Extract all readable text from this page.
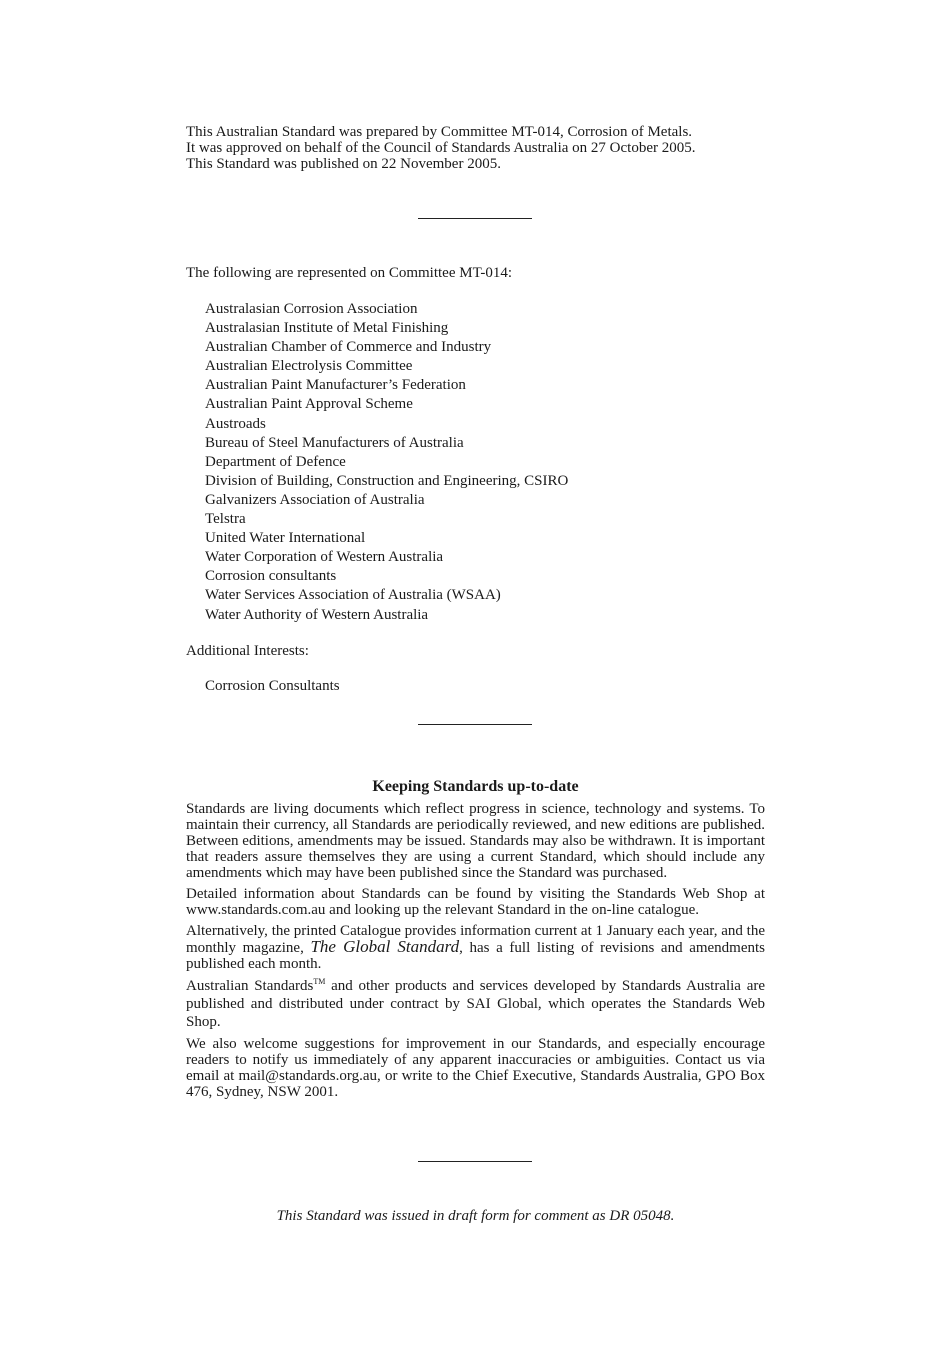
This Australian Standard was prepared by Committee MT-014, Corrosion of Metals.

It was approved on behalf of the Council of Standards Australia on 27 October 2005.

This Standard was published on 22 November 2005.

The following are represented on Committee MT-014:
Australasian Corrosion Association
Australasian Institute of Metal Finishing
Australian Chamber of Commerce and Industry
Australian Electrolysis Committee
Australian Paint Manufacturer’s Federation
Australian Paint Approval Scheme
Austroads
Bureau of Steel Manufacturers of Australia
Department of Defence
Division of Building, Construction and Engineering, CSIRO
Galvanizers Association of Australia
Telstra
United Water International
Water Corporation of Western Australia
Corrosion consultants
Water Services Association of Australia (WSAA)
Water Authority of Western Australia
Additional Interests:
Corrosion Consultants
Keeping Standards up-to-date

Standards are living documents which reflect progress in science, technology and systems. To maintain their currency, all Standards are periodically reviewed, and new editions are published. Between editions, amendments may be issued. Standards may also be withdrawn. It is important that readers assure themselves they are using a current Standard, which should include any amendments which may have been published since the Standard was purchased.

Detailed information about Standards can be found by visiting the Standards Web Shop at www.standards.com.au and looking up the relevant Standard in the on-line catalogue.

Alternatively, the printed Catalogue provides information current at 1 January each year, and the monthly magazine, The Global Standard, has a full listing of revisions and amendments published each month.

Australian Standards™ and other products and services developed by Standards Australia are published and distributed under contract by SAI Global, which operates the Standards Web Shop.

We also welcome suggestions for improvement in our Standards, and especially encourage readers to notify us immediately of any apparent inaccuracies or ambiguities. Contact us via email at mail@standards.org.au, or write to the Chief Executive, Standards Australia, GPO Box 476, Sydney, NSW 2001.

This Standard was issued in draft form for comment as DR 05048.
